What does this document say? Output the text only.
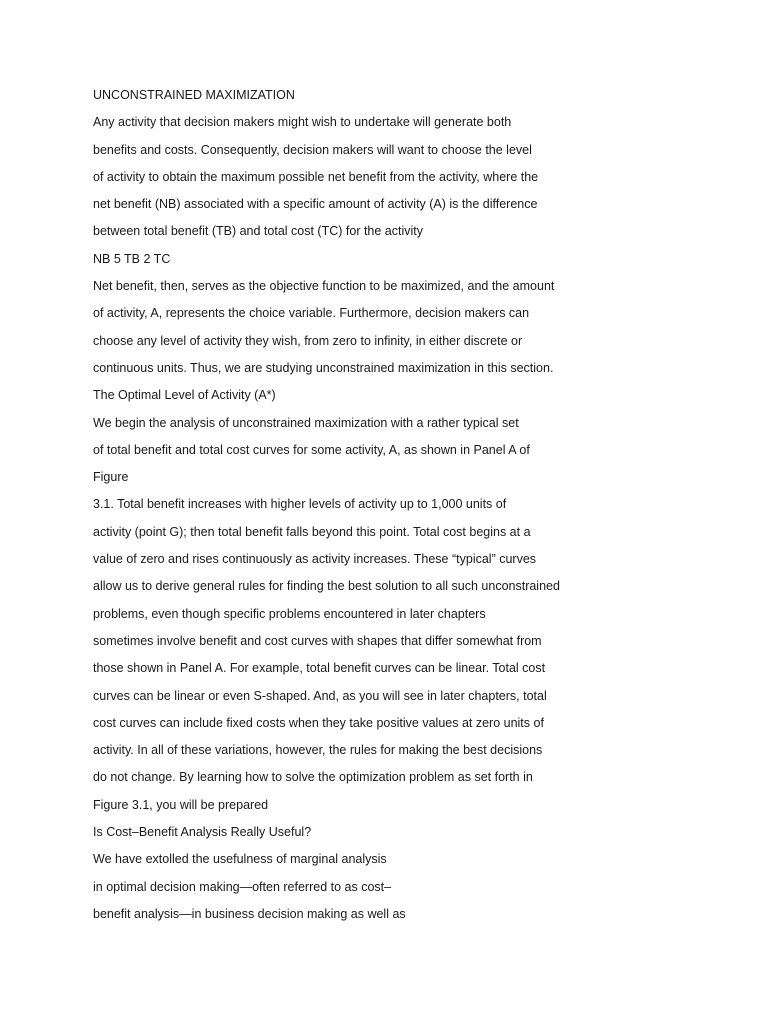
UNCONSTRAINED MAXIMIZATION
Any activity that decision makers might wish to undertake will generate both
benefits and costs. Consequently, decision makers will want to choose the level
of activity to obtain the maximum possible net benefit from the activity, where the
net benefit (NB) associated with a specific amount of activity (A) is the difference
between total benefit (TB) and total cost (TC) for the activity
NB 5 TB 2 TC
Net benefit, then, serves as the objective function to be maximized, and the amount
of activity, A, represents the choice variable. Furthermore, decision makers can
choose any level of activity they wish, from zero to infinity, in either discrete or
continuous units. Thus, we are studying unconstrained maximization in this section.
The Optimal Level of Activity (A*)
We begin the analysis of unconstrained maximization with a rather typical set
of total benefit and total cost curves for some activity, A, as shown in Panel A of
Figure
3.1. Total benefit increases with higher levels of activity up to 1,000 units of
activity (point G); then total benefit falls beyond this point. Total cost begins at a
value of zero and rises continuously as activity increases. These “typical” curves
allow us to derive general rules for finding the best solution to all such unconstrained
problems, even though specific problems encountered in later chapters
sometimes involve benefit and cost curves with shapes that differ somewhat from
those shown in Panel A. For example, total benefit curves can be linear. Total cost
curves can be linear or even S-shaped. And, as you will see in later chapters, total
cost curves can include fixed costs when they take positive values at zero units of
activity. In all of these variations, however, the rules for making the best decisions
do not change. By learning how to solve the optimization problem as set forth in
Figure 3.1, you will be prepared
Is Cost–Benefit Analysis Really Useful?
We have extolled the usefulness of marginal analysis
in optimal decision making—often referred to as cost–
benefit analysis—in business decision making as well as
